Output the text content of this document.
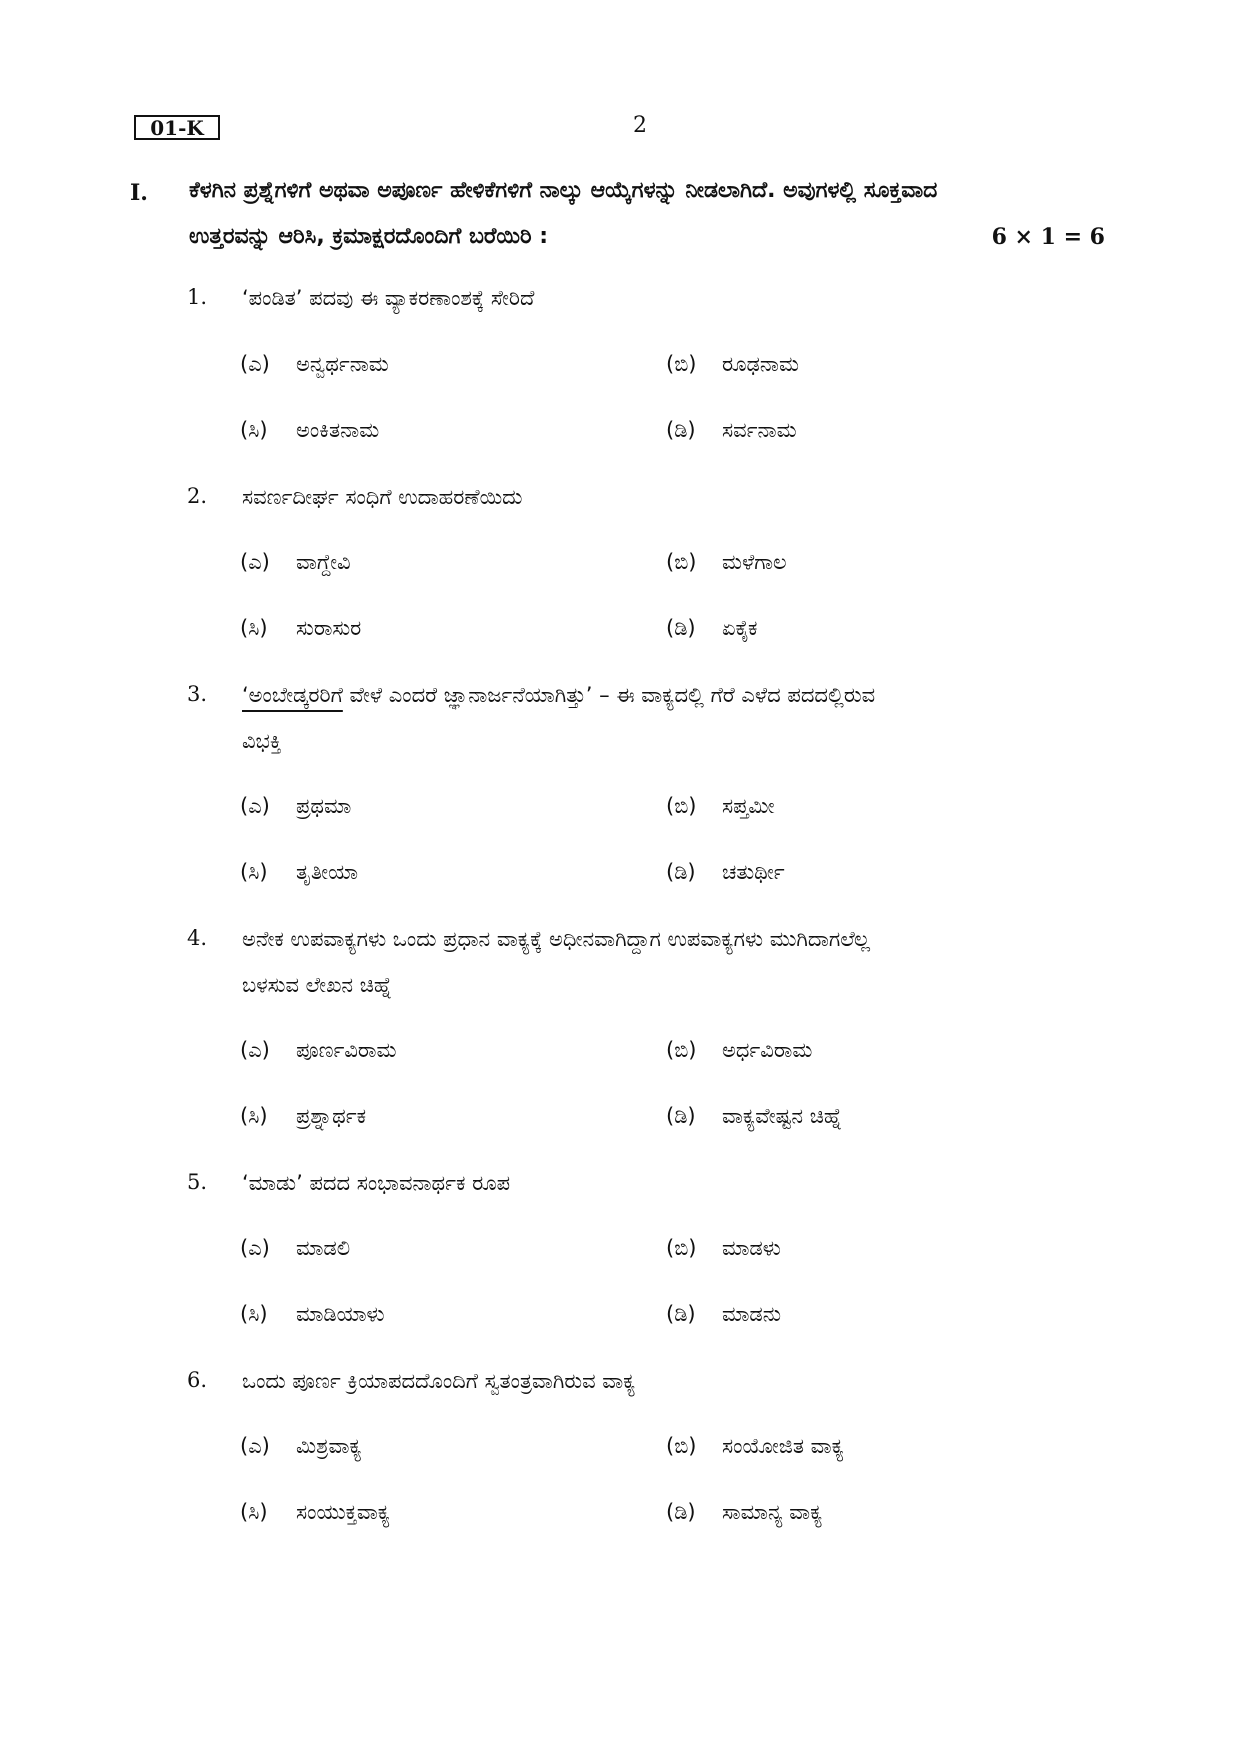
01-K	2
I. ಕೆಳಗಿನ ಪ್ರಶ್ನೆಗಳಿಗೆ ಅಥವಾ ಅಪೂರ್ಣ ಹೇಳಿಕೆಗಳಿಗೆ ನಾಲ್ಕು ಆಯ್ಕೆಗಳನ್ನು ನೀಡಲಾಗಿದೆ. ಅವುಗಳಲ್ಲಿ ಸೂಕ್ತವಾದ
ಉತ್ತರವನ್ನು ಆರಿಸಿ, ಕ್ರಮಾಕ್ಷರದೊಂದಿಗೆ ಬರೆಯಿರಿ :	6 × 1 = 6
1.	‘ಪಂಡಿತ’ ಪದವು ಈ ವ್ಯಾಕರಣಾಂಶಕ್ಕೆ ಸೇರಿದೆ
(ಎ) ಅನ್ವರ್ಥನಾಮ	(ಬಿ) ರೂಢನಾಮ
(ಸಿ) ಅಂಕಿತನಾಮ	(ಡಿ) ಸರ್ವನಾಮ
2.	ಸವರ್ಣದೀರ್ಘ ಸಂಧಿಗೆ ಉದಾಹರಣೆಯಿದು
(ಎ) ವಾಗ್ದೇವಿ	(ಬಿ) ಮಳೆಗಾಲ
(ಸಿ) ಸುರಾಸುರ	(ಡಿ) ಏಕೈಕ
3.	‘ಅಂಬೇಡ್ಕರರಿಗೆ ವೇಳೆ ಎಂದರೆ ಜ್ಞಾನಾರ್ಜನೆಯಾಗಿತ್ತು’ – ಈ ವಾಕ್ಯದಲ್ಲಿ ಗೆರೆ ಎಳೆದ ಪದದಲ್ಲಿರುವ
ವಿಭಕ್ತಿ
(ಎ) ಪ್ರಥಮಾ	(ಬಿ) ಸಪ್ತಮೀ
(ಸಿ) ತೃತೀಯಾ	(ಡಿ) ಚತುರ್ಥೀ
4.	ಅನೇಕ ಉಪವಾಕ್ಯಗಳು ಒಂದು ಪ್ರಧಾನ ವಾಕ್ಯಕ್ಕೆ ಅಧೀನವಾಗಿದ್ದಾಗ ಉಪವಾಕ್ಯಗಳು ಮುಗಿದಾಗಲೆಲ್ಲ
ಬಳಸುವ ಲೇಖನ ಚಿಹ್ನೆ
(ಎ) ಪೂರ್ಣವಿರಾಮ	(ಬಿ) ಅರ್ಧವಿರಾಮ
(ಸಿ) ಪ್ರಶ್ನಾರ್ಥಕ	(ಡಿ) ವಾಕ್ಯವೇಷ್ಟನ ಚಿಹ್ನೆ
5.	‘ಮಾಡು’ ಪದದ ಸಂಭಾವನಾರ್ಥಕ ರೂಪ
(ಎ) ಮಾಡಲಿ	(ಬಿ) ಮಾಡಳು
(ಸಿ) ಮಾಡಿಯಾಳು	(ಡಿ) ಮಾಡನು
6.	ಒಂದು ಪೂರ್ಣ ಕ್ರಿಯಾಪದದೊಂದಿಗೆ ಸ್ವತಂತ್ರವಾಗಿರುವ ವಾಕ್ಯ
(ಎ) ಮಿಶ್ರವಾಕ್ಯ	(ಬಿ) ಸಂಯೋಜಿತ ವಾಕ್ಯ
(ಸಿ) ಸಂಯುಕ್ತವಾಕ್ಯ	(ಡಿ) ಸಾಮಾನ್ಯ ವಾಕ್ಯ
